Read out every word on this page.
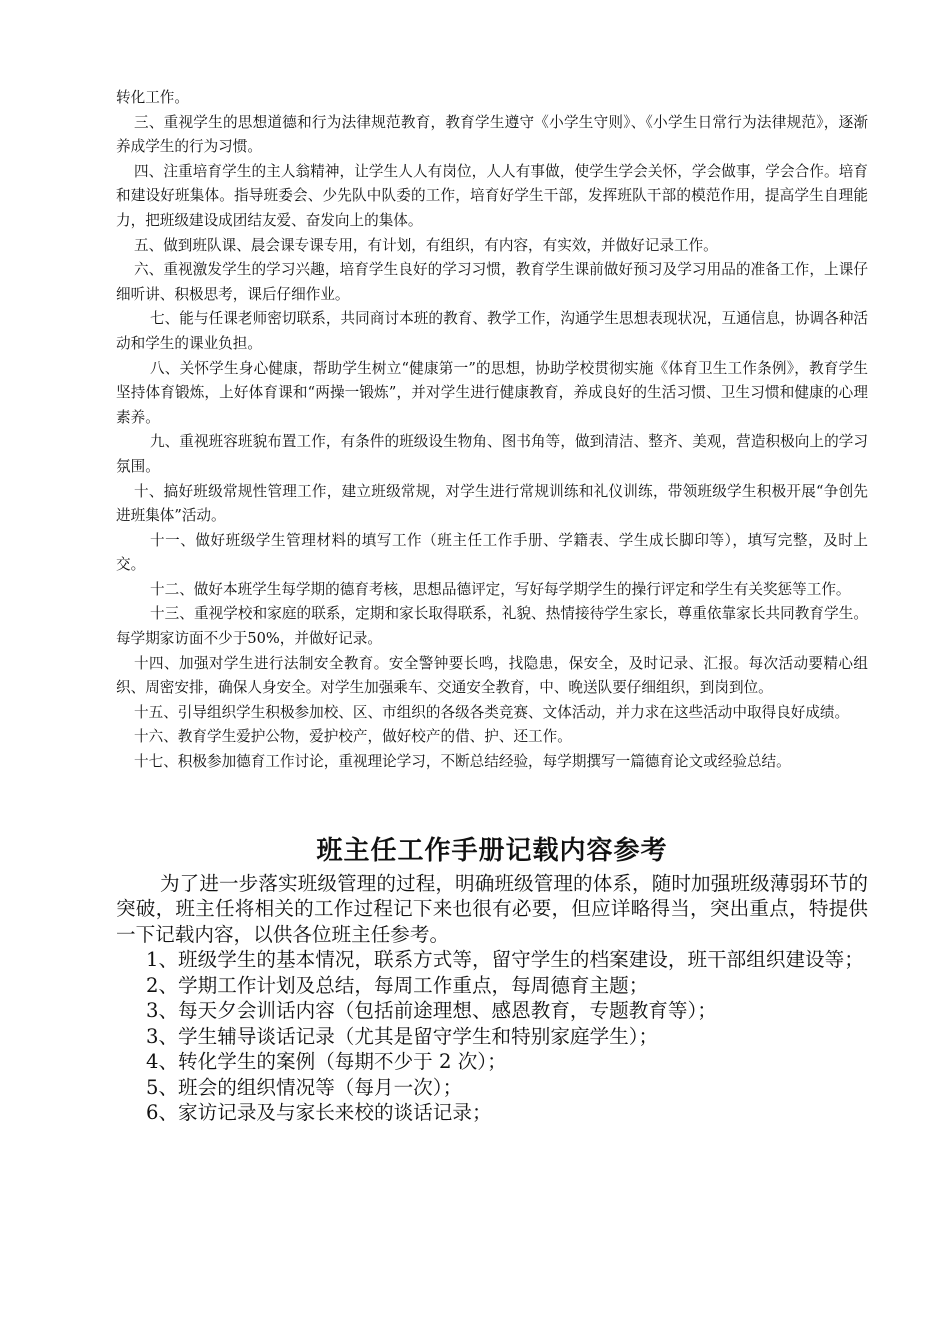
转化工作。

三、重视学生的思想道德和行为法律规范教育，教育学生遵守《小学生守则》、《小学生日常行为法律规范》，逐渐养成学生的行为习惯。

四、注重培育学生的主人翁精神，让学生人人有岗位，人人有事做，使学生学会关怀，学会做事，学会合作。培育和建设好班集体。指导班委会、少先队中队委的工作，培育好学生干部，发挥班队干部的模范作用，提高学生自理能力，把班级建设成团结友爱、奋发向上的集体。

五、做到班队课、晨会课专课专用，有计划，有组织，有内容，有实效，并做好记录工作。

六、重视激发学生的学习兴趣，培育学生良好的学习习惯，教育学生课前做好预习及学习用品的准备工作，上课仔细听讲、积极思考，课后仔细作业。

七、能与任课老师密切联系，共同商讨本班的教育、教学工作，沟通学生思想表现状况，互通信息，协调各种活动和学生的课业负担。

八、关怀学生身心健康，帮助学生树立“健康第一”的思想，协助学校贯彻实施《体育卫生工作条例》，教育学生坚持体育锻炼，上好体育课和“两操一锻炼”，并对学生进行健康教育，养成良好的生活习惯、卫生习惯和健康的心理素养。

九、重视班容班貌布置工作，有条件的班级设生物角、图书角等，做到清洁、整齐、美观，营造积极向上的学习氛围。

十、搞好班级常规性管理工作，建立班级常规，对学生进行常规训练和礼仪训练，带领班级学生积极开展“争创先进班集体”活动。

十一、做好班级学生管理材料的填写工作（班主任工作手册、学籍表、学生成长脚印等），填写完整，及时上交。

十二、做好本班学生每学期的德育考核，思想品德评定，写好每学期学生的操行评定和学生有关奖惩等工作。

十三、重视学校和家庭的联系，定期和家长取得联系，礼貌、热情接待学生家长，尊重依靠家长共同教育学生。每学期家访面不少于50%，并做好记录。

十四、加强对学生进行法制安全教育。安全警钟要长鸣，找隐患，保安全，及时记录、汇报。每次活动要精心组织、周密安排，确保人身安全。对学生加强乘车、交通安全教育，中、晚送队要仔细组织，到岗到位。

十五、引导组织学生积极参加校、区、市组织的各级各类竞赛、文体活动，并力求在这些活动中取得良好成绩。

十六、教育学生爱护公物，爱护校产，做好校产的借、护、还工作。

十七、积极参加德育工作讨论，重视理论学习，不断总结经验，每学期撰写一篇德育论文或经验总结。

班主任工作手册记载内容参考

为了进一步落实班级管理的过程，明确班级管理的体系，随时加强班级薄弱环节的突破，班主任将相关的工作过程记下来也很有必要，但应详略得当，突出重点，特提供一下记载内容，以供各位班主任参考。

1、班级学生的基本情况，联系方式等，留守学生的档案建设，班干部组织建设等；

2、学期工作计划及总结，每周工作重点，每周德育主题；

3、每天夕会训话内容（包括前途理想、感恩教育，专题教育等）；

3、学生辅导谈话记录（尤其是留守学生和特别家庭学生）；

4、转化学生的案例（每期不少于 2 次）；

5、班会的组织情况等（每月一次）；

6、家访记录及与家长来校的谈话记录；
